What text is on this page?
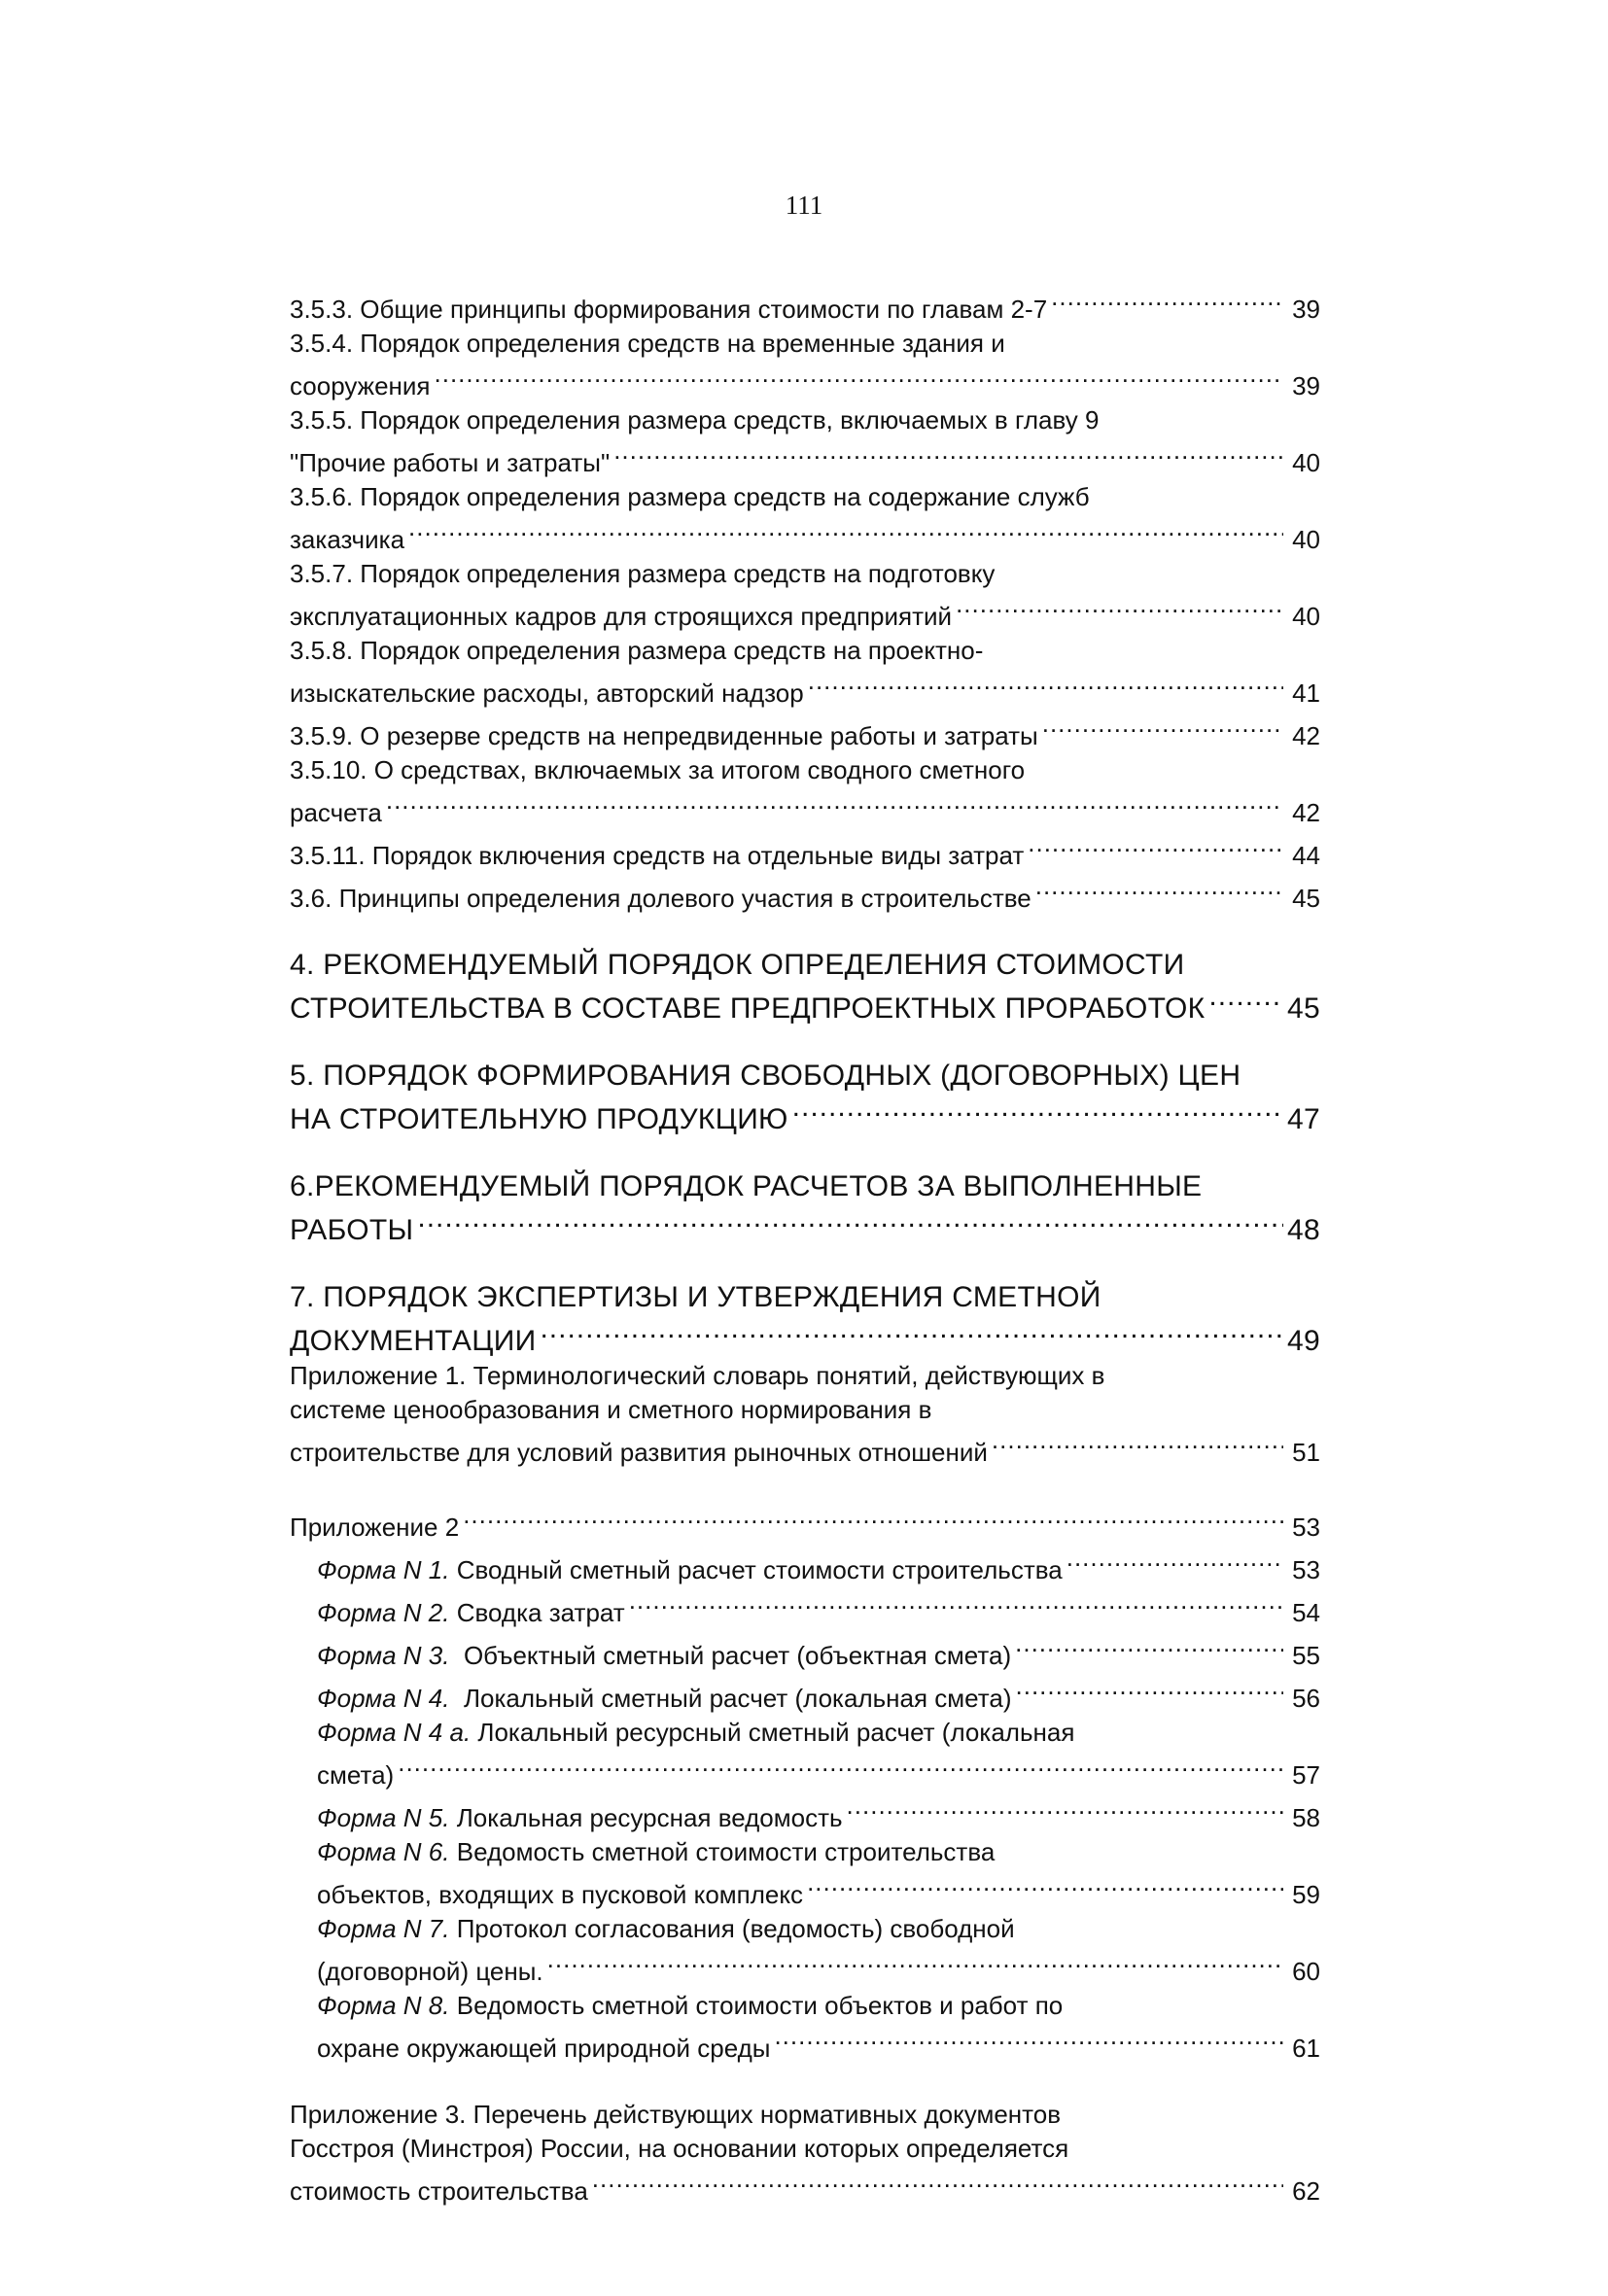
111
3.5.3. Общие принципы формирования стоимости по главам 2-7 .....	39
3.5.4. Порядок определения средств на временные здания и
сооружения .....	39
3.5.5. Порядок определения размера средств, включаемых в главу 9
"Прочие работы и затраты" .....	40
3.5.6. Порядок определения размера средств на содержание служб
заказчика .....	40
3.5.7. Порядок определения размера средств на подготовку
эксплуатационных кадров для строящихся предприятий .....	40
3.5.8. Порядок определения размера средств на проектно-
изыскательские расходы, авторский надзор .....	41
3.5.9. О резерве средств на непредвиденные работы и затраты .....	42
3.5.10. О средствах, включаемых за итогом сводного сметного
расчета .....	42
3.5.11. Порядок включения средств на отдельные виды затрат .....	44
3.6. Принципы определения долевого участия в строительстве .....	45
4. РЕКОМЕНДУЕМЫЙ ПОРЯДОК ОПРЕДЕЛЕНИЯ СТОИМОСТИ
СТРОИТЕЛЬСТВА В СОСТАВЕ ПРЕДПРОЕКТНЫХ ПРОРАБОТОК .....	45
5. ПОРЯДОК ФОРМИРОВАНИЯ СВОБОДНЫХ (ДОГОВОРНЫХ) ЦЕН
НА СТРОИТЕЛЬНУЮ ПРОДУКЦИЮ .....	47
6.РЕКОМЕНДУЕМЫЙ ПОРЯДОК РАСЧЕТОВ ЗА ВЫПОЛНЕННЫЕ
РАБОТЫ .....	48
7. ПОРЯДОК ЭКСПЕРТИЗЫ И УТВЕРЖДЕНИЯ СМЕТНОЙ
ДОКУМЕНТАЦИИ .....	49
Приложение 1. Терминологический словарь понятий, действующих в
системе ценообразования и сметного нормирования в
строительстве для условий развития рыночных отношений .....	51
Приложение 2 .....	53
Форма N 1. Сводный сметный расчет стоимости строительства .....	53
Форма N 2. Сводка затрат .....	54
Форма N 3. Объектный сметный расчет (объектная смета) .....	55
Форма N 4. Локальный сметный расчет (локальная смета) .....	56
Форма N 4 а. Локальный ресурсный сметный расчет (локальная
смета) .....	57
Форма N 5. Локальная ресурсная ведомость .....	58
Форма N 6. Ведомость сметной стоимости строительства
объектов, входящих в пусковой комплекс .....	59
Форма N 7. Протокол согласования (ведомость) свободной
(договорной) цены. .....	60
Форма N 8. Ведомость сметной стоимости объектов и работ по
охране окружающей природной среды .....	61
Приложение 3. Перечень действующих нормативных документов
Госстроя (Минстроя) России, на основании которых определяется
стоимость строительства .....	62
